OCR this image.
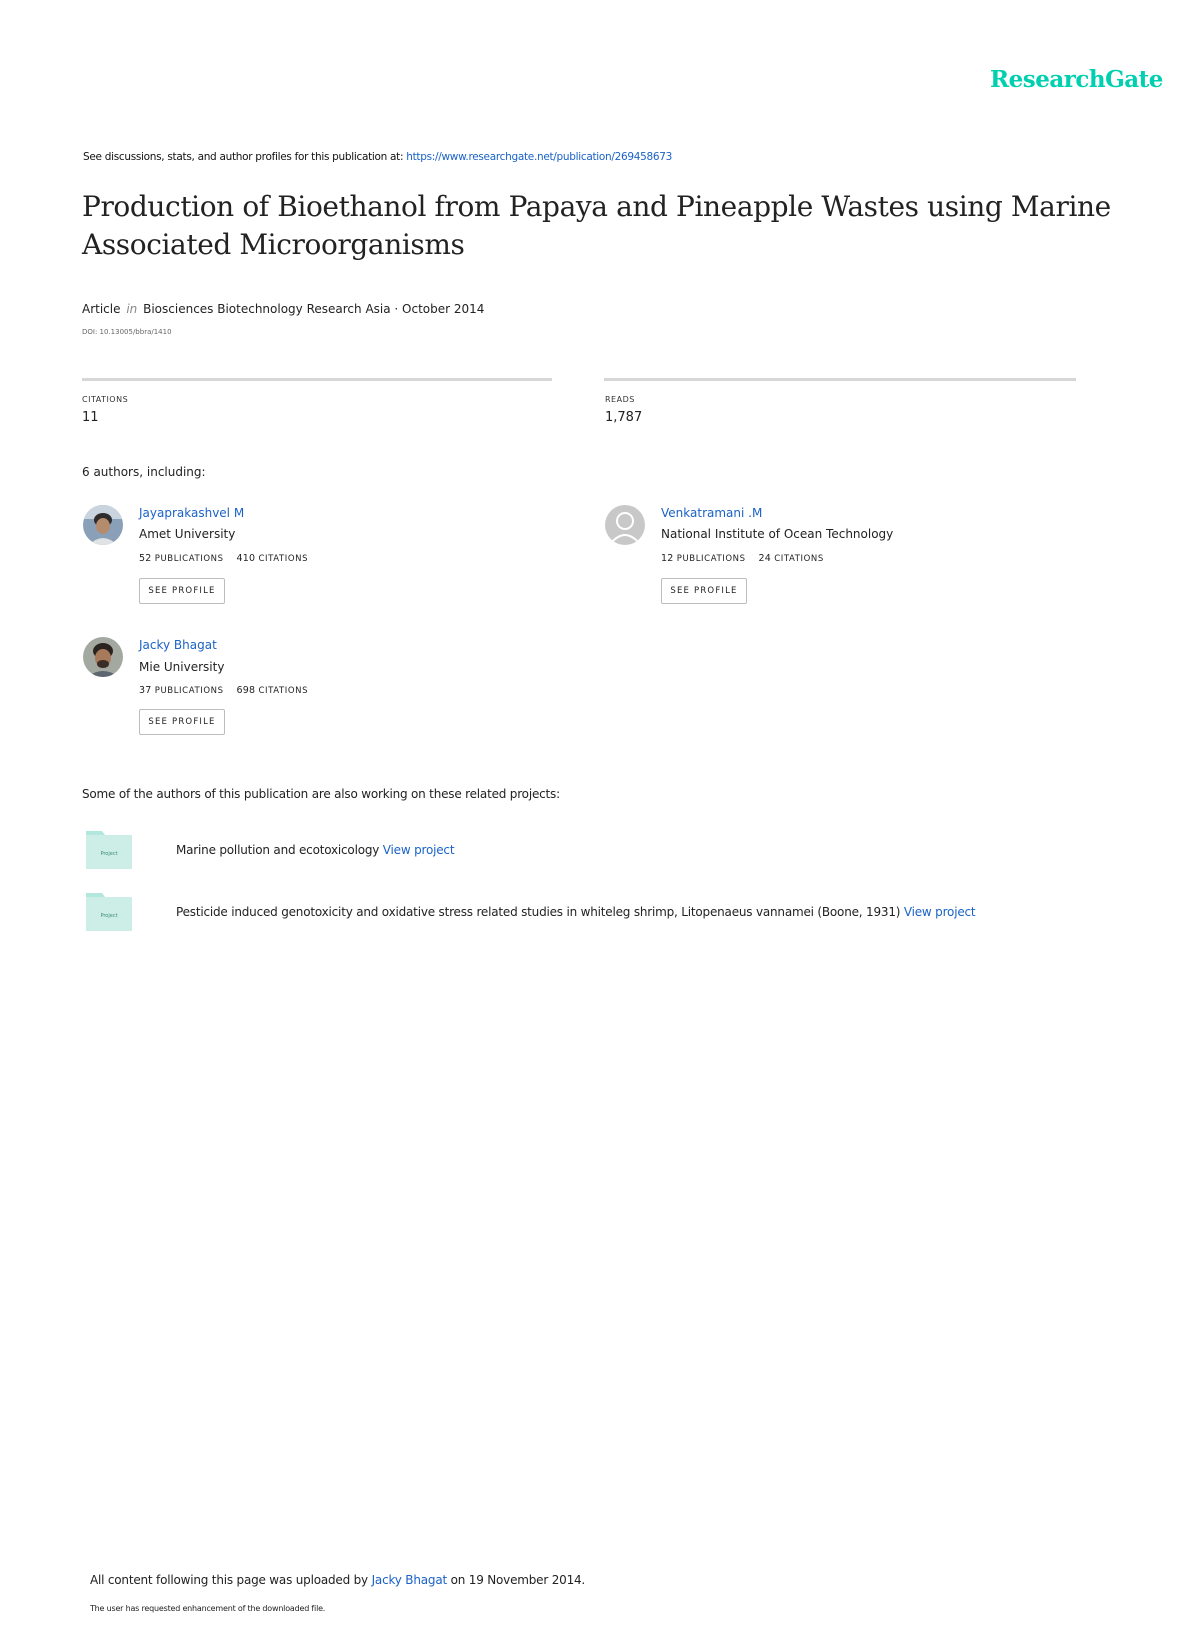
ResearchGate
See discussions, stats, and author profiles for this publication at: https://www.researchgate.net/publication/269458673
Production of Bioethanol from Papaya and Pineapple Wastes using Marine Associated Microorganisms
Article in Biosciences Biotechnology Research Asia · October 2014
DOI: 10.13005/bbra/1410
CITATIONS
11
READS
1,787
6 authors, including:
Jayaprakashvel M
Amet University
52 PUBLICATIONS 410 CITATIONS
SEE PROFILE
Venkatramani .M
National Institute of Ocean Technology
12 PUBLICATIONS 24 CITATIONS
SEE PROFILE
Jacky Bhagat
Mie University
37 PUBLICATIONS 698 CITATIONS
SEE PROFILE
Some of the authors of this publication are also working on these related projects:
Project	Marine pollution and ecotoxicology View project
Project	Pesticide induced genotoxicity and oxidative stress related studies in whiteleg shrimp, Litopenaeus vannamei (Boone, 1931) View project
All content following this page was uploaded by Jacky Bhagat on 19 November 2014.
The user has requested enhancement of the downloaded file.
